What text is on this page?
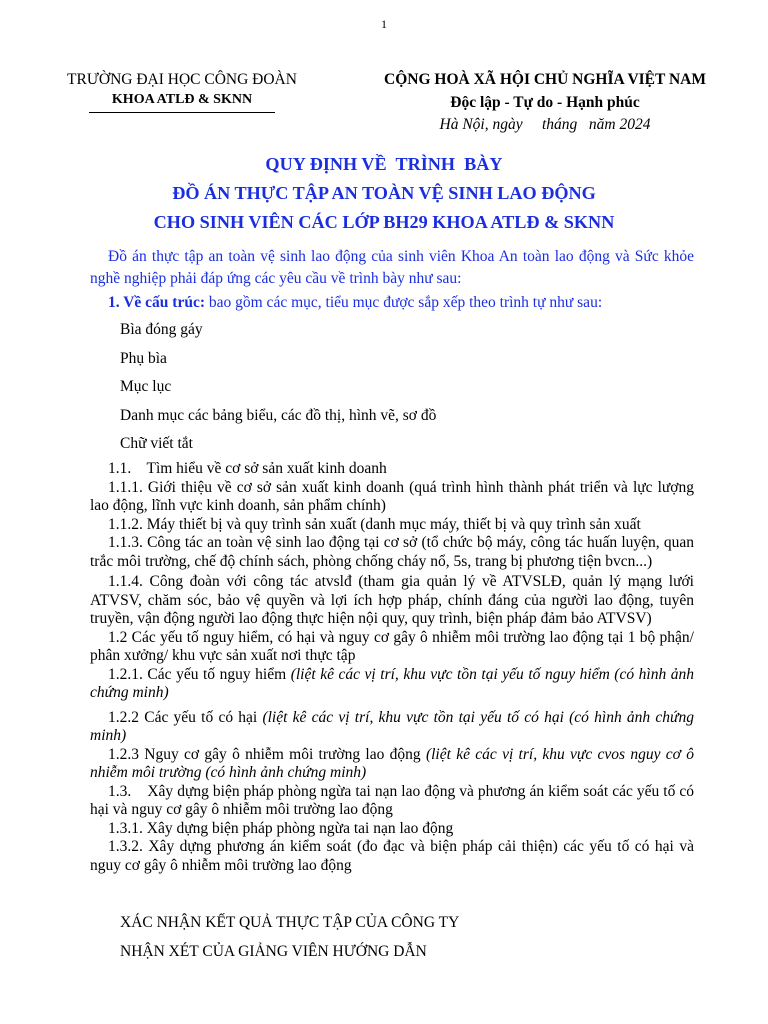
1
TRƯỜNG ĐẠI HỌC CÔNG ĐOÀN
KHOA ATLĐ & SKNN
CỘNG HOÀ XÃ HỘI CHỦ NGHĨA VIỆT NAM
Độc lập - Tự do - Hạnh phúc
Hà Nội, ngày     tháng   năm 2024
QUY ĐỊNH VỀ  TRÌNH  BÀY
ĐỒ ÁN THỰC TẬP AN TOÀN VỆ SINH LAO ĐỘNG
CHO SINH VIÊN CÁC LỚP BH29 KHOA ATLĐ & SKNN
Đồ án thực tập an toàn vệ sinh lao động của sinh viên Khoa An toàn lao động và Sức khỏe nghề nghiệp phải đáp ứng các yêu cầu về trình bày như sau:
1. Về cấu trúc: bao gồm các mục, tiểu mục được sắp xếp theo trình tự như sau:
Bìa đóng gáy
Phụ bìa
Mục lục
Danh mục các bảng biểu, các đồ thị, hình vẽ, sơ đồ
Chữ viết tắt
1.1.    Tìm hiểu về cơ sở sản xuất kinh doanh
1.1.1. Giới thiệu về cơ sở sản xuất kinh doanh (quá trình hình thành phát triển và lực lượng lao động, lĩnh vực kinh doanh, sản phẩm chính)
1.1.2. Máy thiết bị và quy trình sản xuất (danh mục máy, thiết bị và quy trình sản xuất
1.1.3. Công tác an toàn vệ sinh lao động tại cơ sở (tổ chức bộ máy, công tác huấn luyện, quan trắc môi trường, chế độ chính sách, phòng chống cháy nổ, 5s, trang bị phương tiện bvcn...)
1.1.4. Công đoàn với công tác atvslđ (tham gia quản lý về ATVSLĐ, quản lý mạng lưới ATVSV, chăm sóc, bảo vệ quyền và lợi ích hợp pháp, chính đáng của người lao động, tuyên truyền, vận động người lao động thực hiện nội quy, quy trình, biện pháp đảm bảo ATVSV)
1.2 Các yếu tố nguy hiểm, có hại và nguy cơ gây ô nhiễm môi trường lao động tại 1 bộ phận/ phân xưởng/ khu vực sản xuất nơi thực tập
1.2.1. Các yếu tố nguy hiểm (liệt kê các vị trí, khu vực tồn tại yếu tố nguy hiểm (có hình ảnh chứng minh)
1.2.2 Các yếu tố có hại (liệt kê các vị trí, khu vực tồn tại yếu tố có hại (có hình ảnh chứng minh)
1.2.3 Nguy cơ gây ô nhiễm môi trường lao động (liệt kê các vị trí, khu vực cvos nguy cơ ô nhiễm môi trường (có hình ảnh chứng minh)
1.3.    Xây dựng biện pháp phòng ngừa tai nạn lao động và phương án kiểm soát các yếu tố có hại và nguy cơ gây ô nhiễm môi trường lao động
1.3.1. Xây dựng biện pháp phòng ngừa tai nạn lao động
1.3.2. Xây dựng phương án kiểm soát (đo đạc và biện pháp cải thiện) các yếu tố có hại và nguy cơ gây ô nhiễm môi trường lao động
XÁC NHẬN KẾT QUẢ THỰC TẬP CỦA CÔNG TY
NHẬN XÉT CỦA GIẢNG VIÊN HƯỚNG DẪN
